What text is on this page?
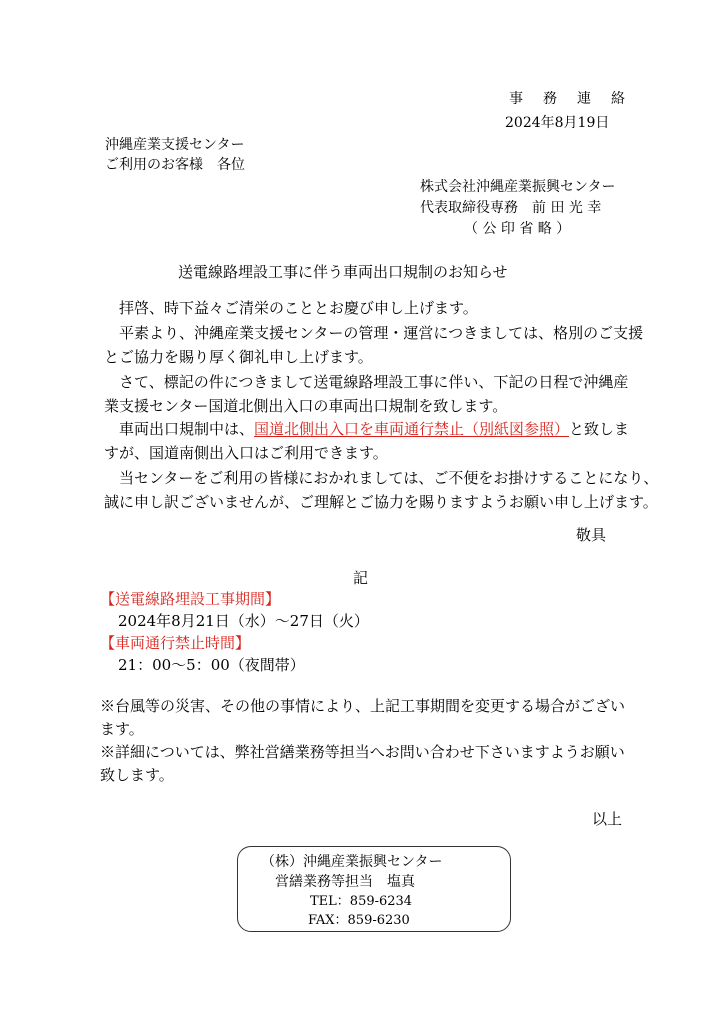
事　務　連　絡
2024年8月19日
沖縄産業支援センター
ご利用のお客様　各位
株式会社沖縄産業振興センター
代表取締役専務　前 田 光 幸
（ 公 印 省 略 ）
送電線路埋設工事に伴う車両出口規制のお知らせ
　拝啓、時下益々ご清栄のこととお慶び申し上げます。
　平素より、沖縄産業支援センターの管理・運営につきましては、格別のご支援
とご協力を賜り厚く御礼申し上げます。
　さて、標記の件につきまして送電線路埋設工事に伴い、下記の日程で沖縄産
業支援センター国道北側出入口の車両出口規制を致します。
　車両出口規制中は、国道北側出入口を車両通行禁止（別紙図参照）と致しま
すが、国道南側出入口はご利用できます。
　当センターをご利用の皆様におかれましては、ご不便をお掛けすることになり、
誠に申し訳ございませんが、ご理解とご協力を賜りますようお願い申し上げます。
敬具
記
【送電線路埋設工事期間】
2024年8月21日（水）～27日（火）
【車両通行禁止時間】
21：00～5：00（夜間帯）
※台風等の災害、その他の事情により、上記工事期間を変更する場合がござい
ます。
※詳細については、弊社営繕業務等担当へお問い合わせ下さいますようお願い
致します。
以上
（株）沖縄産業振興センター
営繕業務等担当　塩真
TEL：859‐6234
FAX：859‐6230
